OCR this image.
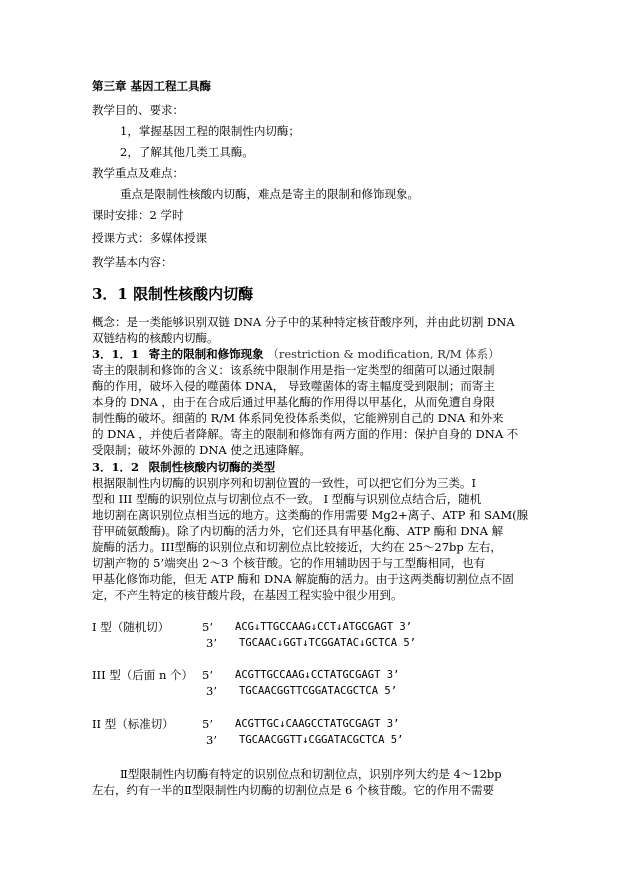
第三章 基因工程工具酶
教学目的、要求：
1，掌握基因工程的限制性内切酶；
2，了解其他几类工具酶。
教学重点及难点：
重点是限制性核酸内切酶，难点是寄主的限制和修饰现象。
课时安排：2 学时
授课方式：多媒体授课
教学基本内容：
3．1 限制性核酸内切酶
概念：是一类能够识别双链 DNA 分子中的某种特定核苷酸序列，并由此切割 DNA
双链结构的核酸内切酶。
3．1．1 寄主的限制和修饰现象 （restriction & modification, R/M 体系）
寄主的限制和修饰的含义：该系统中限制作用是指一定类型的细菌可以通过限制
酶的作用，破坏入侵的噬菌体 DNA， 导致噬菌体的寄主幅度受到限制；而寄主
本身的 DNA ，由于在合成后通过甲基化酶的作用得以甲基化，从而免遭自身限
制性酶的破坏。细菌的 R/M 体系同免役体系类似，它能辨别自己的 DNA 和外来
的 DNA ，并使后者降解。寄主的限制和修饰有两方面的作用：保护自身的 DNA 不
受限制；破坏外源的 DNA 使之迅速降解。
3．1．2 限制性核酸内切酶的类型
根据限制性内切酶的识别序列和切割位置的一致性，可以把它们分为三类。I
型和 III 型酶的识别位点与切割位点不一致。 I 型酶与识别位点结合后，随机
地切割在离识别位点相当远的地方。这类酶的作用需要 Mg2+离子、ATP 和 SAM(腺
苷甲硫氨酸酶)。除了内切酶的活力外，它们还具有甲基化酶、ATP 酶和 DNA 解
旋酶的活力。III型酶的识别位点和切割位点比较接近，大约在 25～27bp 左右，
切割产物的 5’端突出 2～3 个核苷酸。它的作用辅助因于与工型酶相同，也有
甲基化修饰功能，但无 ATP 酶和 DNA 解旋酶的活力。由于这两类酶切割位点不固
定，不产生特定的核苷酸片段，在基因工程实验中很少用到。
I 型（随机切）	5’ ACG↓TTGCCAAG↓CCT↓ATGCGAGT 3’
3’ TGCAAC↓GGT↓TCGGATAC↓GCTCA 5’
III 型（后面 n 个） 5’ ACGTTGCCAAG↓CCTATGCGAGT 3’
3’ TGCAACGGTTCGGATACGCTCA 5’
II 型（标准切） 5’ ACGTTGC↓CAAGCCTATGCGAGT 3’
3’ TGCAACGGTT↓CGGATACGCTCA 5’
Ⅱ型限制性内切酶有特定的识别位点和切割位点，识别序列大约是 4～12bp
左右，约有一半的Ⅱ型限制性内切酶的切割位点是 6 个核苷酸。它的作用不需要
